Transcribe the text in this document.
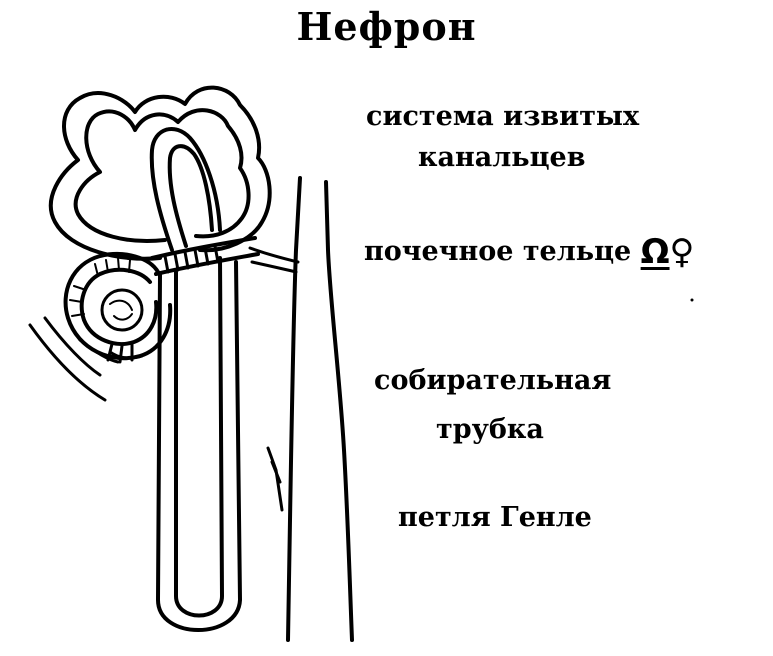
Нефрон
система извитых
канальцев
почечное тельце Ω♀
собирательная
трубка
петля Генле
